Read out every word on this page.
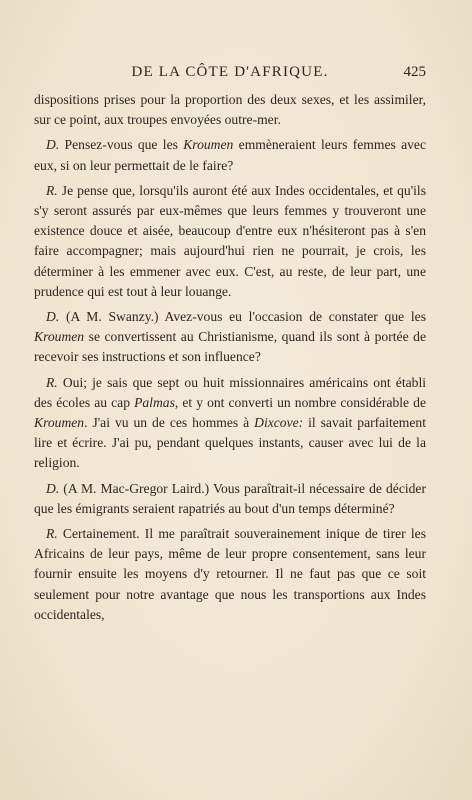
DE LA CÔTE D'AFRIQUE.	425

dispositions prises pour la proportion des deux sexes, et les assimiler, sur ce point, aux troupes envoyées outre-mer.

D. Pensez-vous que les Kroumen emmèneraient leurs femmes avec eux, si on leur permettait de le faire?

R. Je pense que, lorsqu'ils auront été aux Indes occidentales, et qu'ils s'y seront assurés par eux-mêmes que leurs femmes y trouveront une existence douce et aisée, beaucoup d'entre eux n'hésiteront pas à s'en faire accompagner; mais aujourd'hui rien ne pourrait, je crois, les déterminer à les emmener avec eux. C'est, au reste, de leur part, une prudence qui est tout à leur louange.

D. (A M. Swanzy.) Avez-vous eu l'occasion de constater que les Kroumen se convertissent au Christianisme, quand ils sont à portée de recevoir ses instructions et son influence?

R. Oui; je sais que sept ou huit missionnaires américains ont établi des écoles au cap Palmas, et y ont converti un nombre considérable de Kroumen. J'ai vu un de ces hommes à Dixcove: il savait parfaitement lire et écrire. J'ai pu, pendant quelques instants, causer avec lui de la religion.

D. (A M. Mac-Gregor Laird.) Vous paraîtrait-il nécessaire de décider que les émigrants seraient rapatriés au bout d'un temps déterminé?

R. Certainement. Il me paraîtrait souverainement inique de tirer les Africains de leur pays, même de leur propre consentement, sans leur fournir ensuite les moyens d'y retourner. Il ne faut pas que ce soit seulement pour notre avantage que nous les transportions aux Indes occidentales,
